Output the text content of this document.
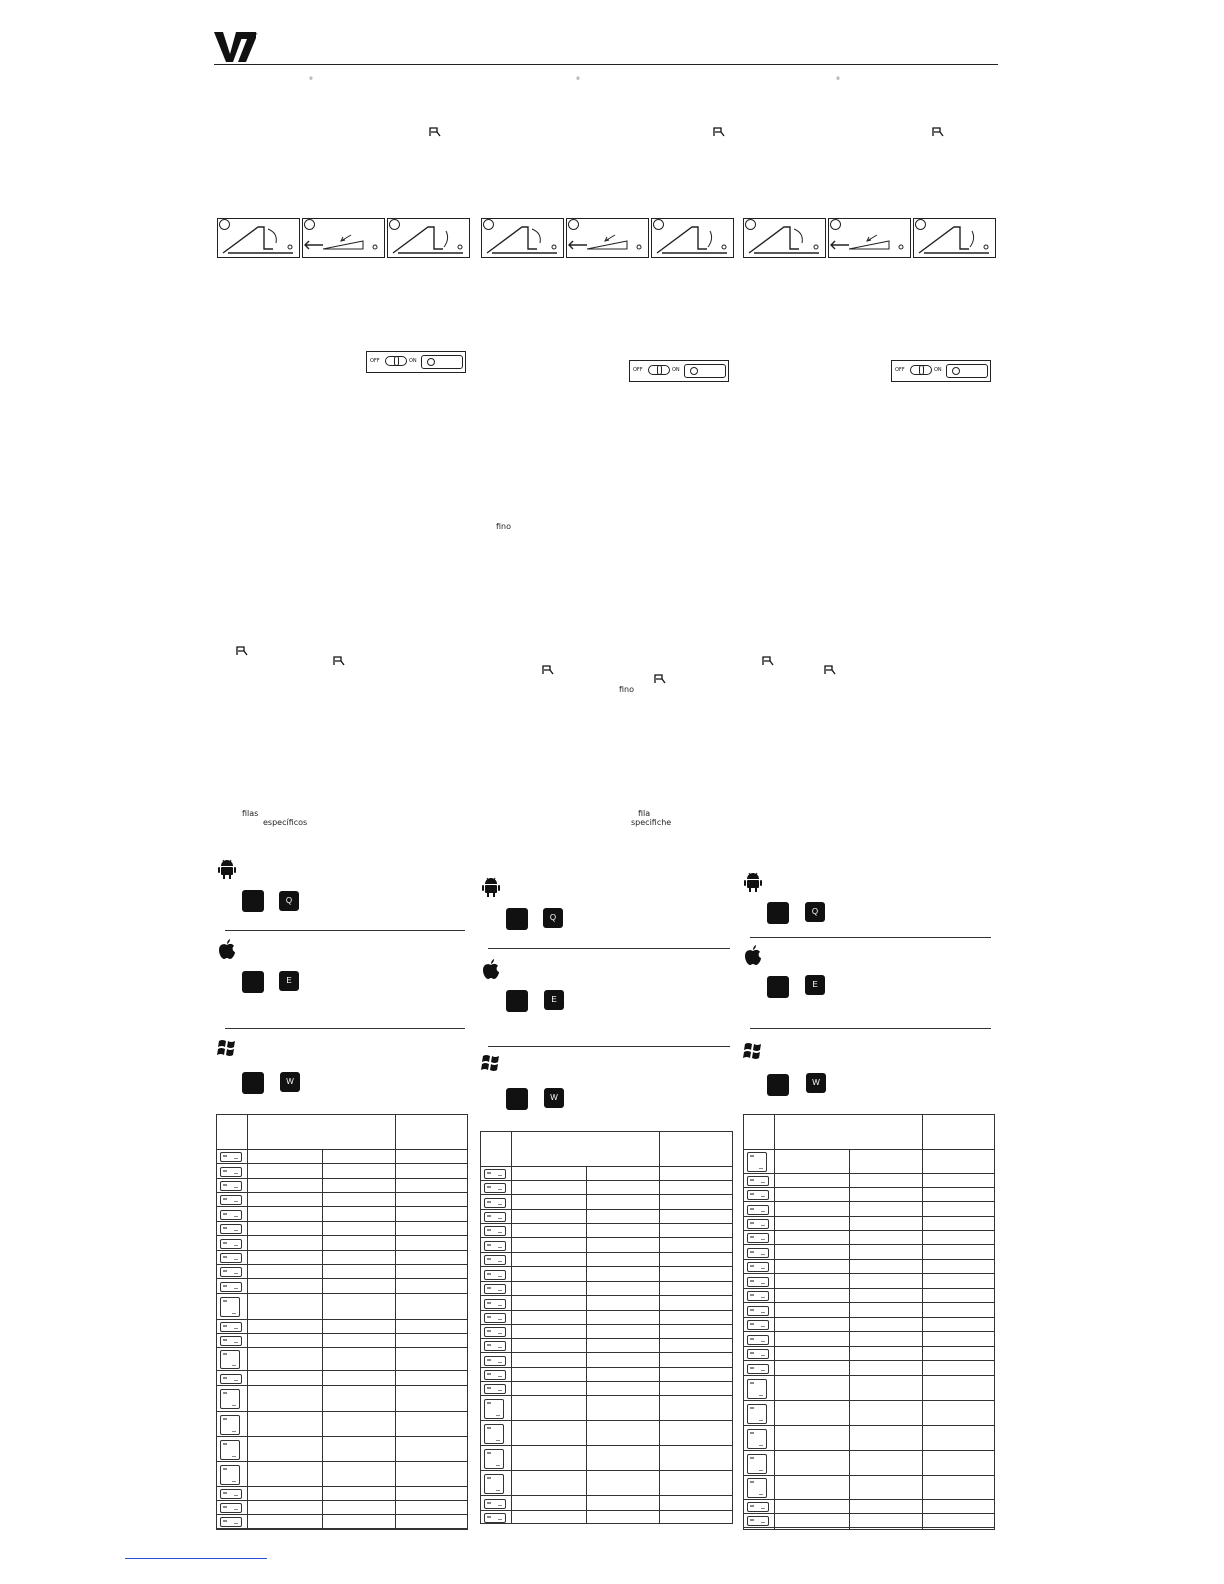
®
®	®	®
OFF	ON
OFF	ON	OFF	ON
fino
fino
filas
específicos
fila
specifiche
Q
E
W
Q
E
W
Q
E
W
